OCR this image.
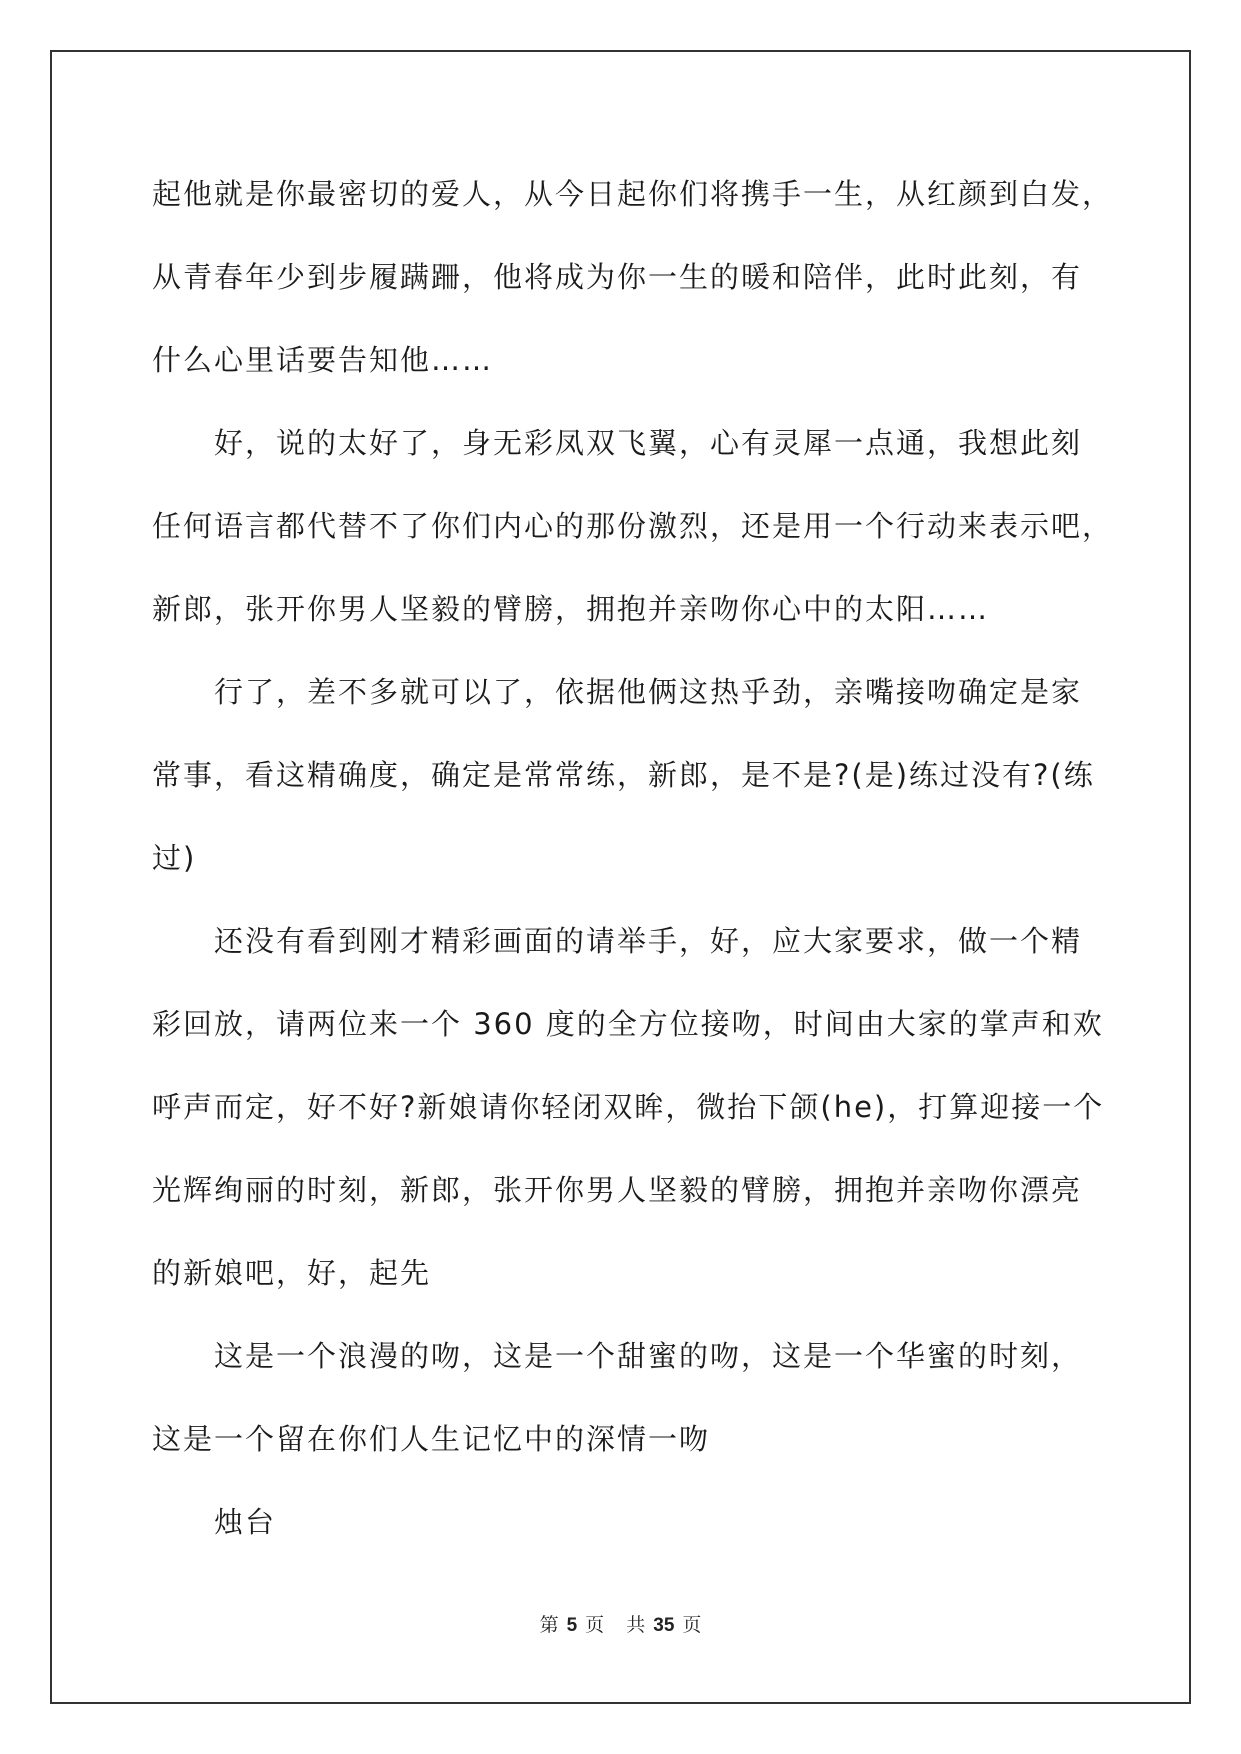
起他就是你最密切的爱人，从今日起你们将携手一生，从红颜到白发，
从青春年少到步履蹒跚，他将成为你一生的暖和陪伴，此时此刻，有
什么心里话要告知他……
好，说的太好了，身无彩凤双飞翼，心有灵犀一点通，我想此刻
任何语言都代替不了你们内心的那份激烈，还是用一个行动来表示吧，
新郎，张开你男人坚毅的臂膀，拥抱并亲吻你心中的太阳……
行了，差不多就可以了，依据他俩这热乎劲，亲嘴接吻确定是家
常事，看这精确度，确定是常常练，新郎，是不是?(是)练过没有?(练
过)
还没有看到刚才精彩画面的请举手，好，应大家要求，做一个精
彩回放，请两位来一个 360 度的全方位接吻，时间由大家的掌声和欢
呼声而定，好不好?新娘请你轻闭双眸，微抬下颌(he)，打算迎接一个
光辉绚丽的时刻，新郎，张开你男人坚毅的臂膀，拥抱并亲吻你漂亮
的新娘吧，好，起先
这是一个浪漫的吻，这是一个甜蜜的吻，这是一个华蜜的时刻，
这是一个留在你们人生记忆中的深情一吻
烛台
第 5 页 共 35 页
